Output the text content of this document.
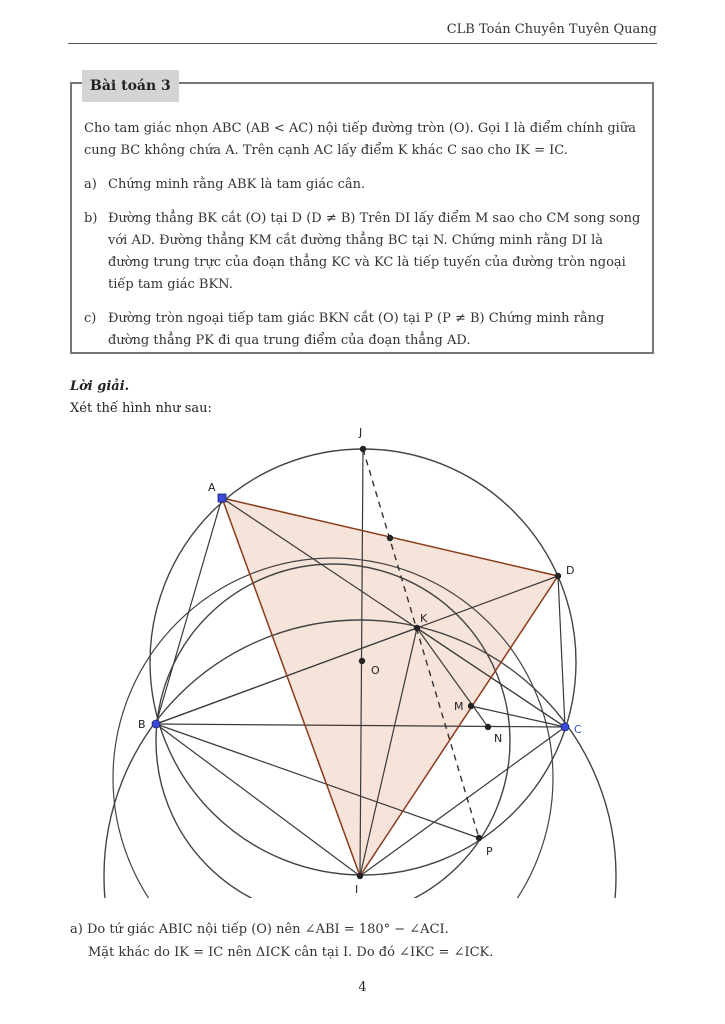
CLB Toán Chuyên Tuyên Quang
Bài toán 3

Cho tam giác nhọn ABC (AB < AC) nội tiếp đường tròn (O). Gọi I là điểm chính giữa cung BC không chứa A. Trên cạnh AC lấy điểm K khác C sao cho IK = IC.

a) Chứng minh rằng ABK là tam giác cân.
b) Đường thẳng BK cắt (O) tại D (D ≠ B) Trên DI lấy điểm M sao cho CM song song với AD. Đường thẳng KM cắt đường thẳng BC tại N. Chứng minh rằng DI là đường trung trực của đoạn thẳng KC và KC là tiếp tuyến của đường tròn ngoại tiếp tam giác BKN.
c) Đường tròn ngoại tiếp tam giác BKN cắt (O) tại P (P ≠ B) Chứng minh rằng đường thẳng PK đi qua trung điểm của đoạn thẳng AD.
Lời giải.
Xét thế hình như sau:
J
A
D
K
O
B
M
C
N
P
I
a) Do tứ giác ABIC nội tiếp (O) nên ∠ABI = 180° − ∠ACI.
Mặt khác do IK = IC nên ΔICK cân tại I. Do đó ∠IKC = ∠ICK.
4
